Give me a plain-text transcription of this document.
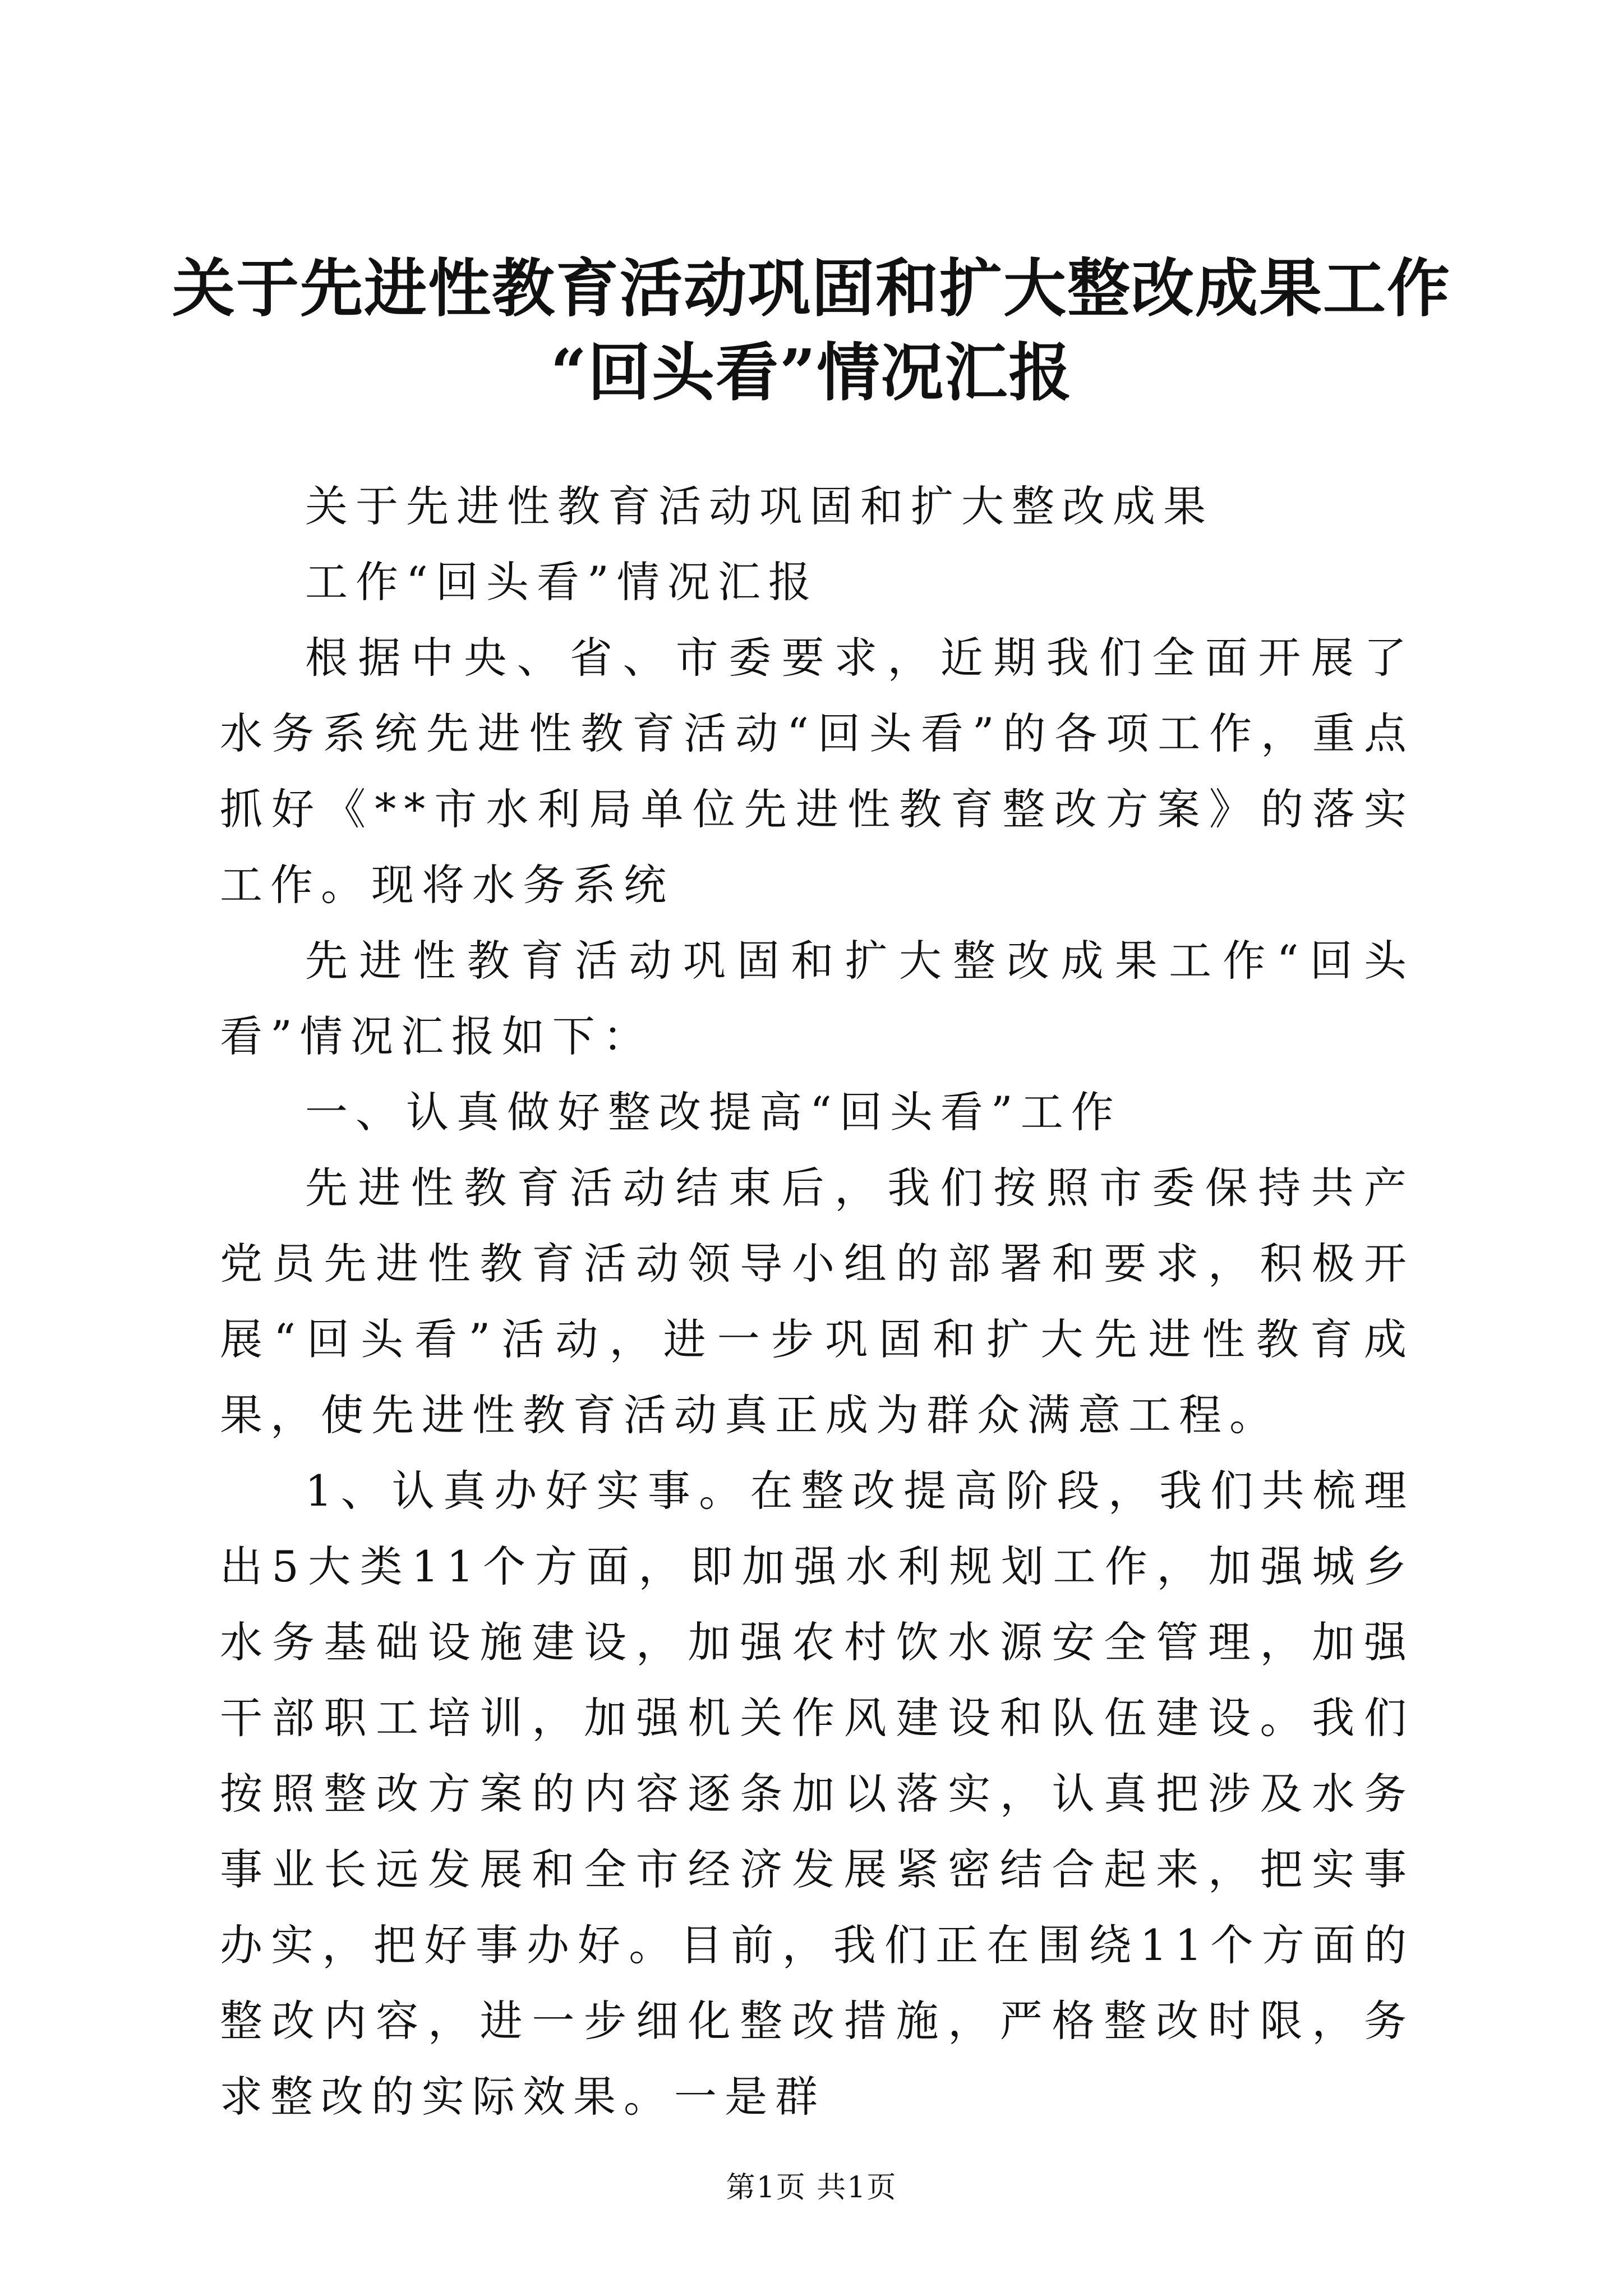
关于先进性教育活动巩固和扩大整改成果工作
“回头看”情况汇报

关于先进性教育活动巩固和扩大整改成果

工作“回头看”情况汇报

根据中央、省、市委要求，近期我们全面开展了水务系统先进性教育活动“回头看”的各项工作，重点抓好《**市水利局单位先进性教育整改方案》的落实工作。现将水务系统

先进性教育活动巩固和扩大整改成果工作“回头看”情况汇报如下：

一、认真做好整改提高“回头看”工作

先进性教育活动结束后，我们按照市委保持共产党员先进性教育活动领导小组的部署和要求，积极开展“回头看”活动，进一步巩固和扩大先进性教育成果，使先进性教育活动真正成为群众满意工程。

1、认真办好实事。在整改提高阶段，我们共梳理出5大类11个方面，即加强水利规划工作，加强城乡水务基础设施建设，加强农村饮水源安全管理，加强干部职工培训，加强机关作风建设和队伍建设。我们按照整改方案的内容逐条加以落实，认真把涉及水务事业长远发展和全市经济发展紧密结合起来，把实事办实，把好事办好。目前，我们正在围绕11个方面的整改内容，进一步细化整改措施，严格整改时限，务求整改的实际效果。一是群

第1页 共1页
